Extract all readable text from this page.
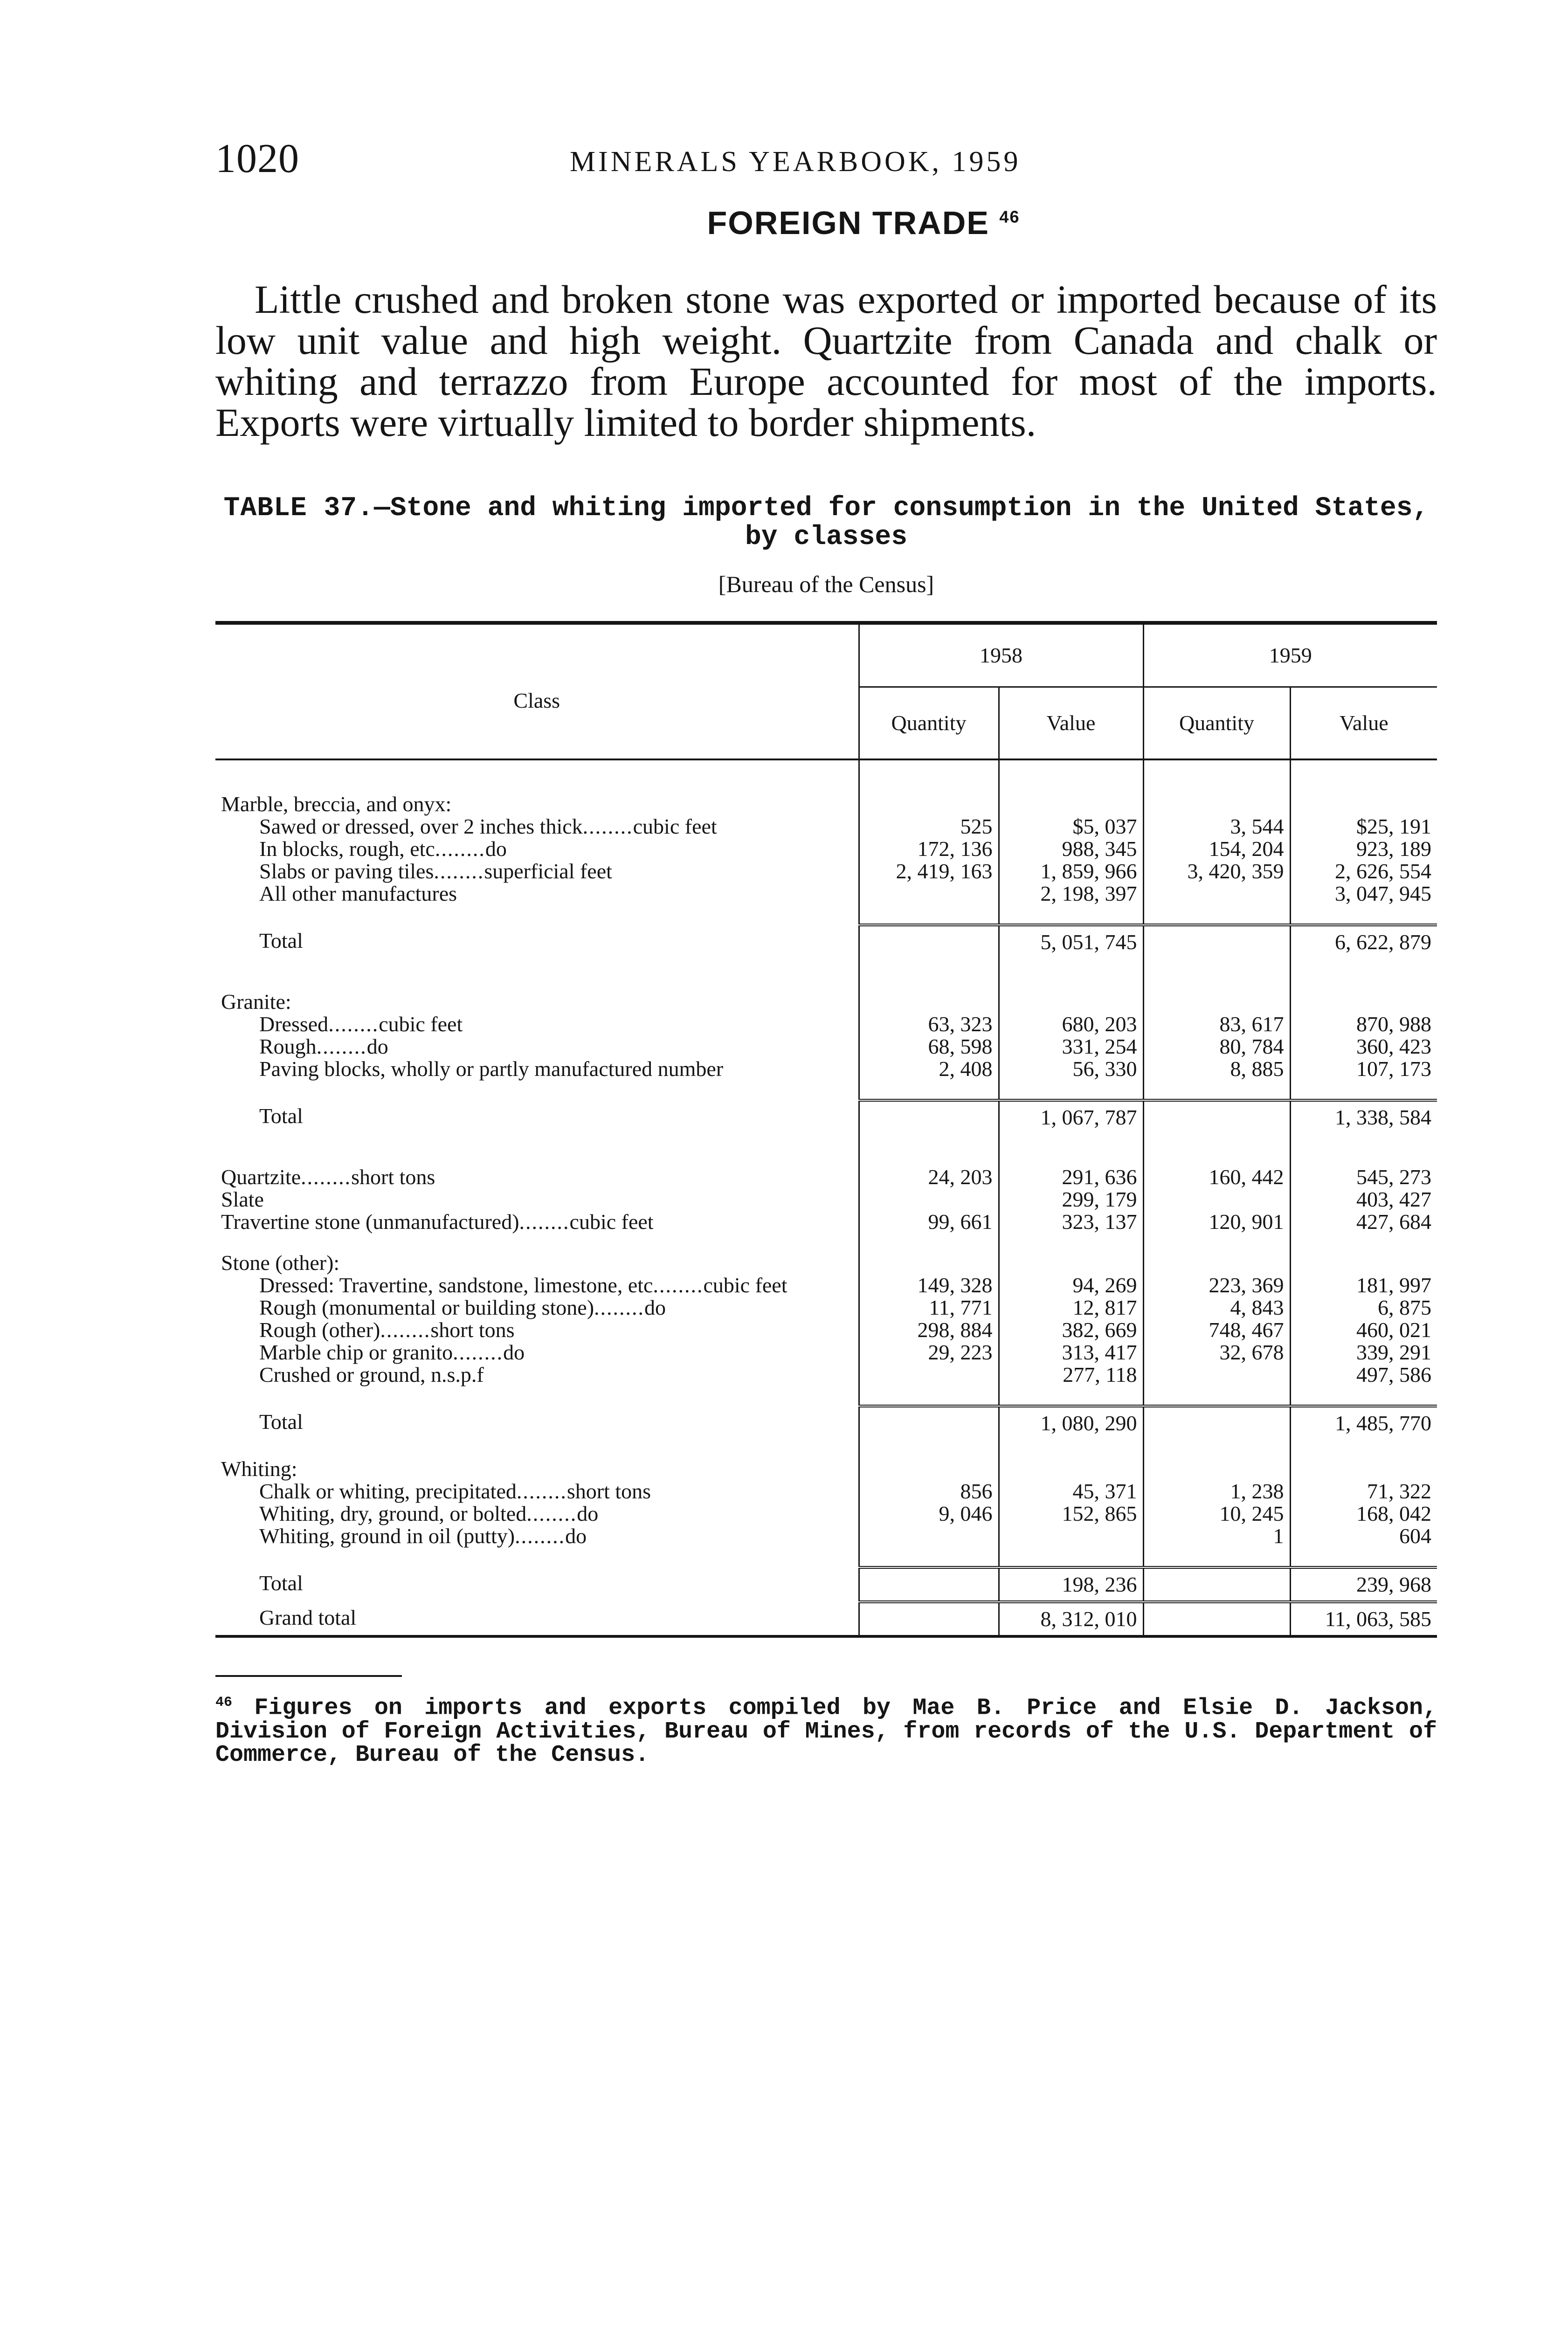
1020	MINERALS YEARBOOK, 1959
FOREIGN TRADE $^{46}$

Little crushed and broken stone was exported or imported because of its low unit value and high weight. Quartzite from Canada and chalk or whiting and terrazzo from Europe accounted for most of the imports. Exports were virtually limited to border shipments.

TABLE 37.—Stone and whiting imported for consumption in the United States,
by classes
[Bureau of the Census]
Class	1958		1959	
	Quantity	Value	Quantity	Value

Marble, breccia, and onyx:				
Sawed or dressed, over 2 inches thick........cubic feet	525	$5, 037	3, 544	$25, 191
In blocks, rough, etc........do	172, 136	988, 345	154, 204	923, 189
Slabs or paving tiles........superficial feet	2, 419, 163	1, 859, 966	3, 420, 359	2, 626, 554
All other manufactures		2, 198, 397		3, 047, 945

Total		5, 051, 745		6, 622, 879

Granite:				
Dressed........cubic feet	63, 323	680, 203	83, 617	870, 988
Rough........do	68, 598	331, 254	80, 784	360, 423
Paving blocks, wholly or partly manufactured number	2, 408	56, 330	8, 885	107, 173

Total		1, 067, 787		1, 338, 584

Quartzite........short tons	24, 203	291, 636	160, 442	545, 273
Slate		299, 179		403, 427
Travertine stone (unmanufactured)........cubic feet	99, 661	323, 137	120, 901	427, 684

Stone (other):				
Dressed: Travertine, sandstone, limestone, etc........cubic feet	149, 328	94, 269	223, 369	181, 997
Rough (monumental or building stone)........do	11, 771	12, 817	4, 843	6, 875
Rough (other)........short tons	298, 884	382, 669	748, 467	460, 021
Marble chip or granito........do	29, 223	313, 417	32, 678	339, 291
Crushed or ground, n.s.p.f		277, 118		497, 586

Total		1, 080, 290		1, 485, 770

Whiting:				
Chalk or whiting, precipitated........short tons	856	45, 371	1, 238	71, 322
Whiting, dry, ground, or bolted........do	9, 046	152, 865	10, 245	168, 042
Whiting, ground in oil (putty)........do			1	604

Total		198, 236		239, 968
Grand total		8, 312, 010		11, 063, 585

$^{46}$ Figures on imports and exports compiled by Mae B. Price and Elsie D. Jackson, Division of Foreign Activities, Bureau of Mines, from records of the U.S. Department of Commerce, Bureau of the Census.
